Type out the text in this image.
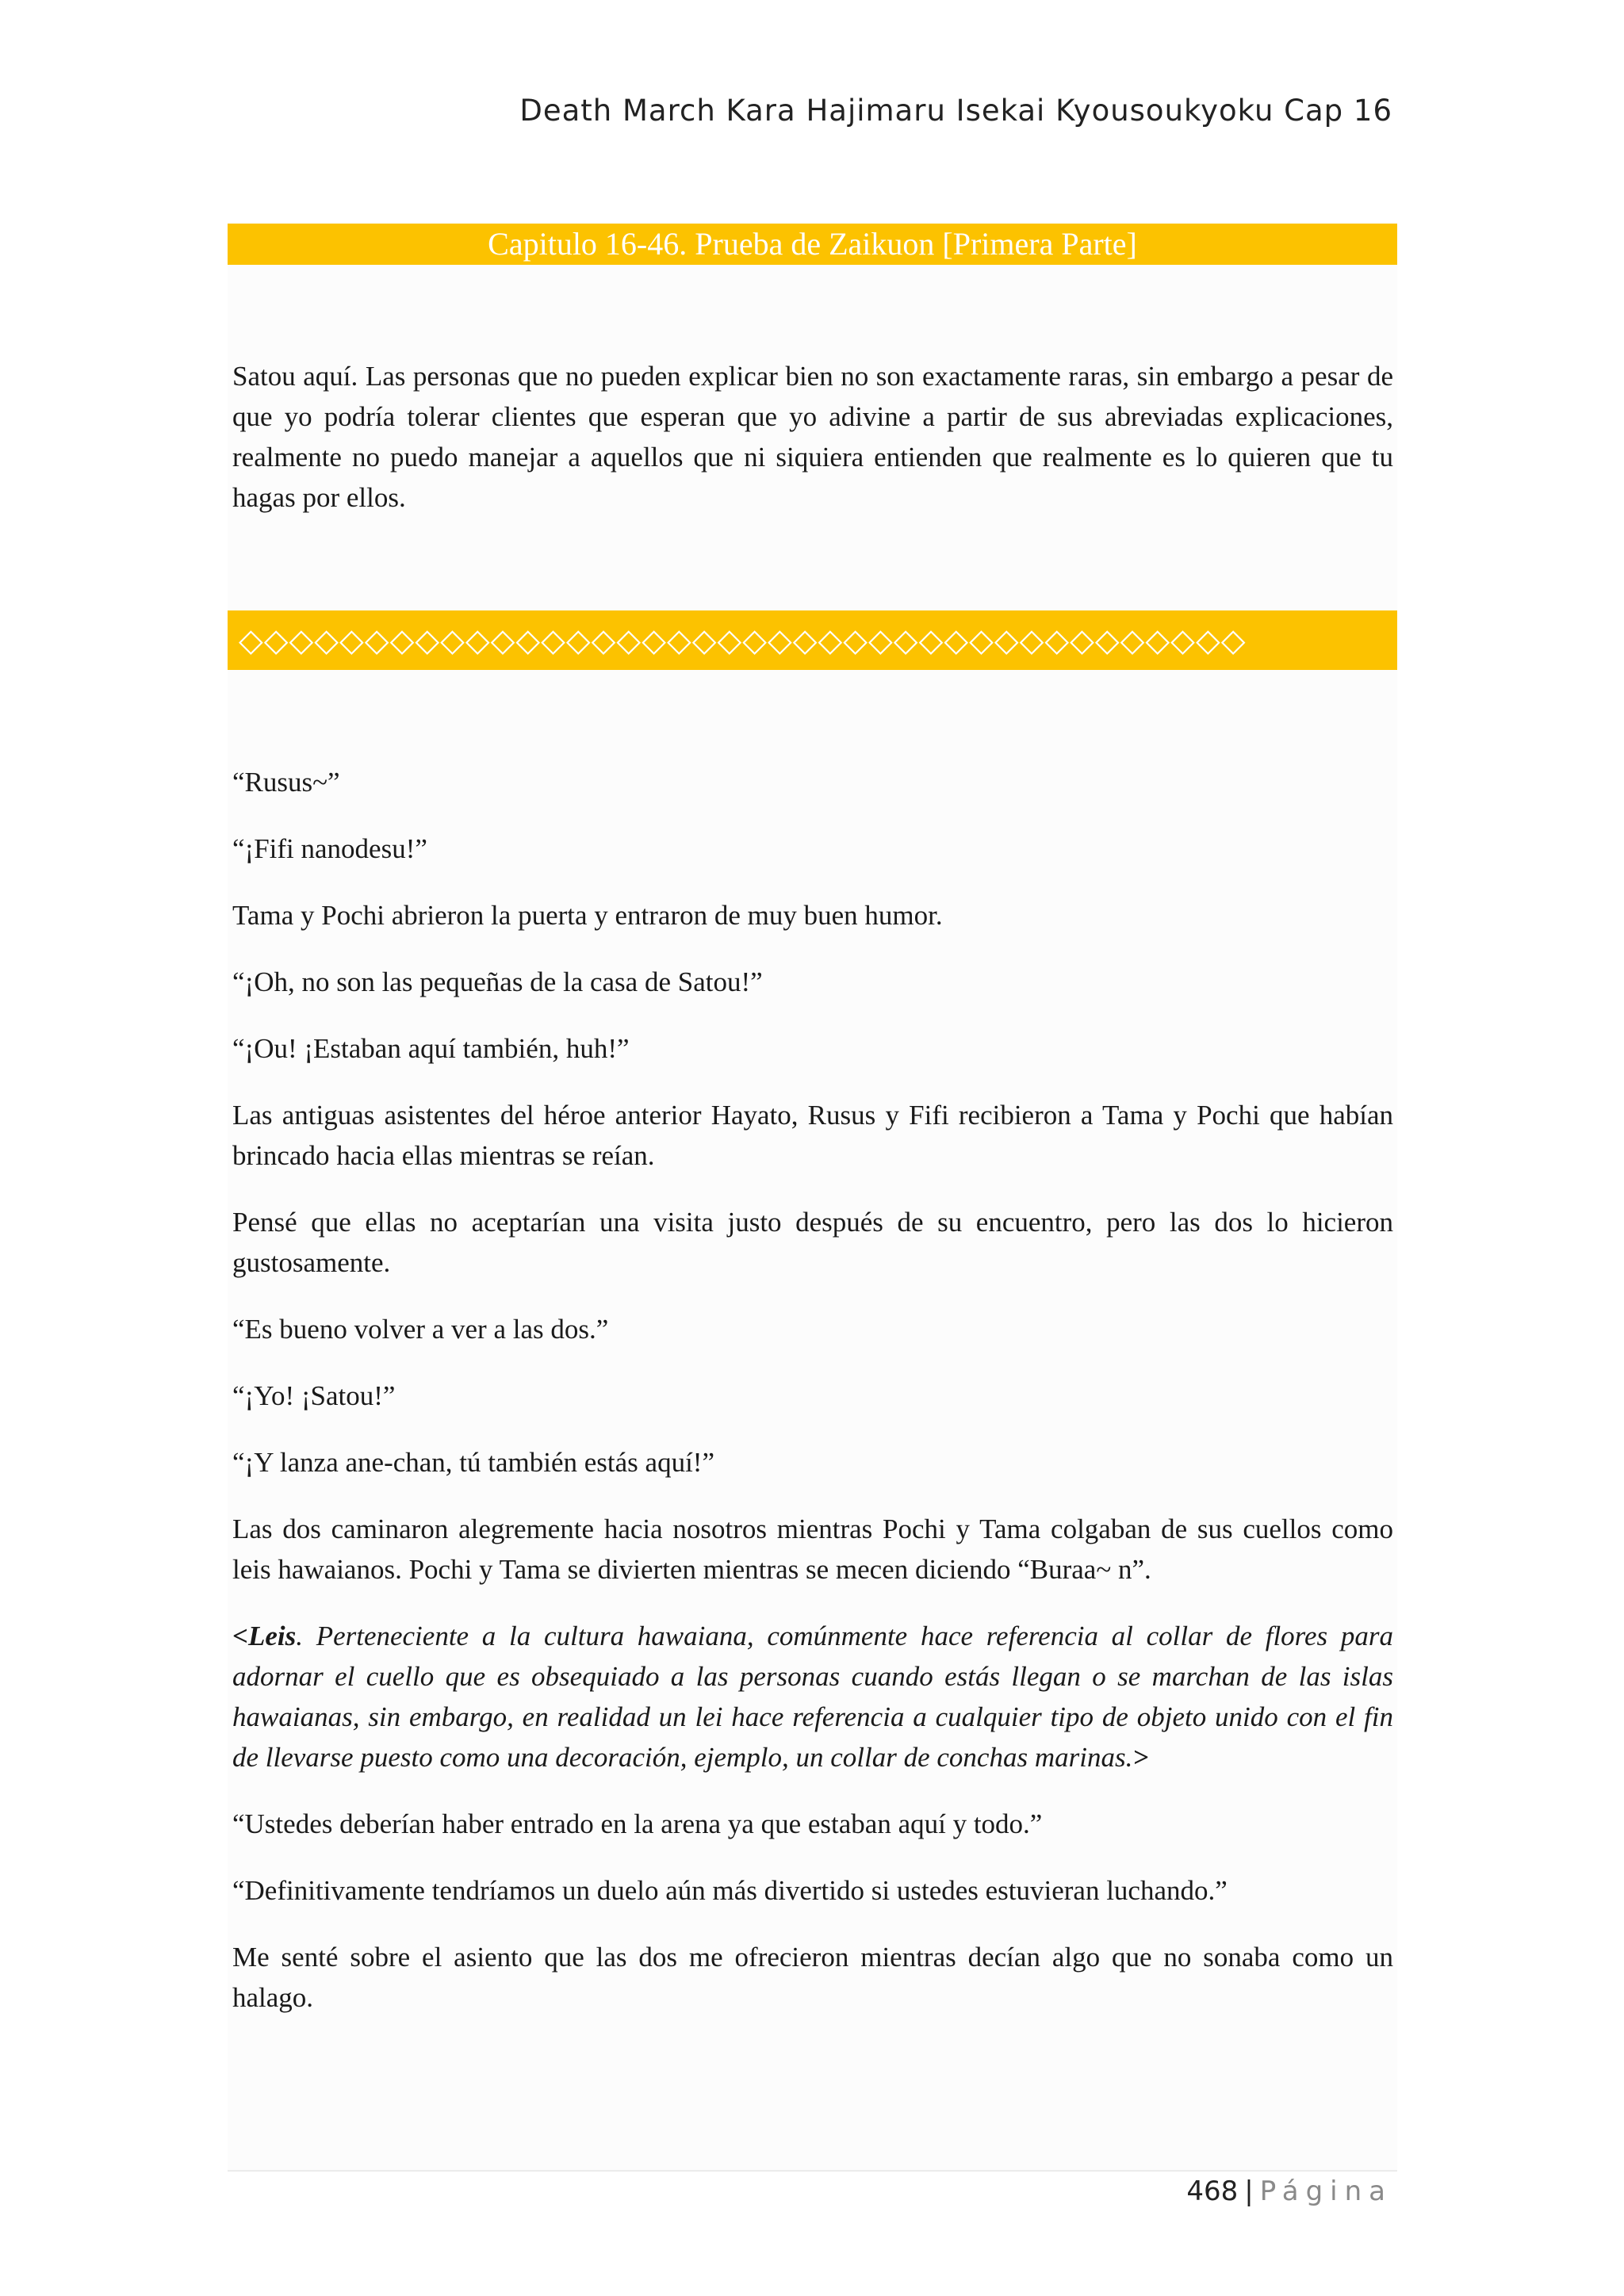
Death March Kara Hajimaru Isekai Kyousoukyoku Cap 16
Capitulo 16-46. Prueba de Zaikuon [Primera Parte]

Satou aquí. Las personas que no pueden explicar bien no son exactamente raras, sin embargo a pesar de que yo podría tolerar clientes que esperan que yo adivine a partir de sus abreviadas explicaciones, realmente no puedo manejar a aquellos que ni siquiera entienden que realmente es lo quieren que tu hagas por ellos.

◇◇◇◇◇◇◇◇◇◇◇◇◇◇◇◇◇◇◇◇◇◇◇◇◇◇◇◇◇◇◇◇◇◇◇◇◇◇◇◇

“Rusus~”

“¡Fifi nanodesu!”

Tama y Pochi abrieron la puerta y entraron de muy buen humor.

“¡Oh, no son las pequeñas de la casa de Satou!”

“¡Ou! ¡Estaban aquí también, huh!”

Las antiguas asistentes del héroe anterior Hayato, Rusus y Fifi recibieron a Tama y Pochi que habían brincado hacia ellas mientras se reían.

Pensé que ellas no aceptarían una visita justo después de su encuentro, pero las dos lo hicieron gustosamente.

“Es bueno volver a ver a las dos.”

“¡Yo! ¡Satou!”

“¡Y lanza ane-chan, tú también estás aquí!”

Las dos caminaron alegremente hacia nosotros mientras Pochi y Tama colgaban de sus cuellos como leis hawaianos. Pochi y Tama se divierten mientras se mecen diciendo “Buraa~ n”.

<Leis. Perteneciente a la cultura hawaiana, comúnmente hace referencia al collar de flores para adornar el cuello que es obsequiado a las personas cuando estás llegan o se marchan de las islas hawaianas, sin embargo, en realidad un lei hace referencia a cualquier tipo de objeto unido con el fin de llevarse puesto como una decoración, ejemplo, un collar de conchas marinas.>

“Ustedes deberían haber entrado en la arena ya que estaban aquí y todo.”

“Definitivamente tendríamos un duelo aún más divertido si ustedes estuvieran luchando.”

Me senté sobre el asiento que las dos me ofrecieron mientras decían algo que no sonaba como un halago.

468 | Página
